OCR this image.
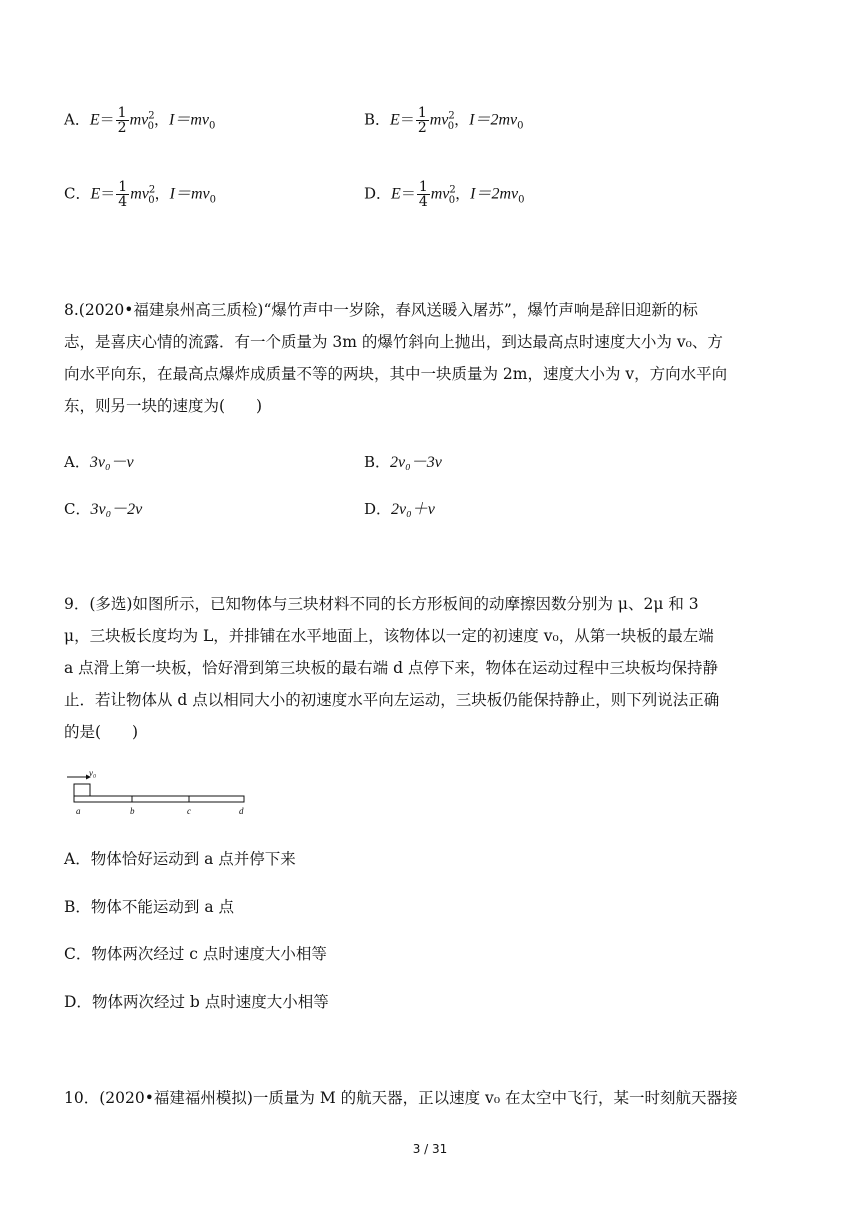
A．$E= \frac{1}{2} mv^2_0$，$I=mv_0$	B．$E= \frac{1}{2} mv^2_0$，$I=2mv_0$
C．$E= \frac{1}{4} mv^2_0$，$I=mv_0$	D．$E= \frac{1}{4} mv^2_0$，$I=2mv_0$
8.(2020•福建泉州高三质检)“爆竹声中一岁除，春风送暖入屠苏”，爆竹声响是辞旧迎新的标
志，是喜庆心情的流露．有一个质量为 3m 的爆竹斜向上抛出，到达最高点时速度大小为 v₀、方
向水平向东，在最高点爆炸成质量不等的两块，其中一块质量为 2m，速度大小为 v，方向水平向
东，则另一块的速度为(　　)
A．3v₀－v	B．2v₀－3v
C．3v₀－2v	D．2v₀＋v
9．(多选)如图所示，已知物体与三块材料不同的长方形板间的动摩擦因数分别为 μ、2μ 和 3
μ，三块板长度均为 L，并排铺在水平地面上，该物体以一定的初速度 v₀，从第一块板的最左端
a 点滑上第一块板，恰好滑到第三块板的最右端 d 点停下来，物体在运动过程中三块板均保持静
止．若让物体从 d 点以相同大小的初速度水平向左运动，三块板仍能保持静止，则下列说法正确
的是(　　)
v₀
a	b	c	d
A．物体恰好运动到 a 点并停下来
B．物体不能运动到 a 点
C．物体两次经过 c 点时速度大小相等
D．物体两次经过 b 点时速度大小相等
10．(2020•福建福州模拟)一质量为 M 的航天器，正以速度 v₀ 在太空中飞行，某一时刻航天器接
3 / 31
